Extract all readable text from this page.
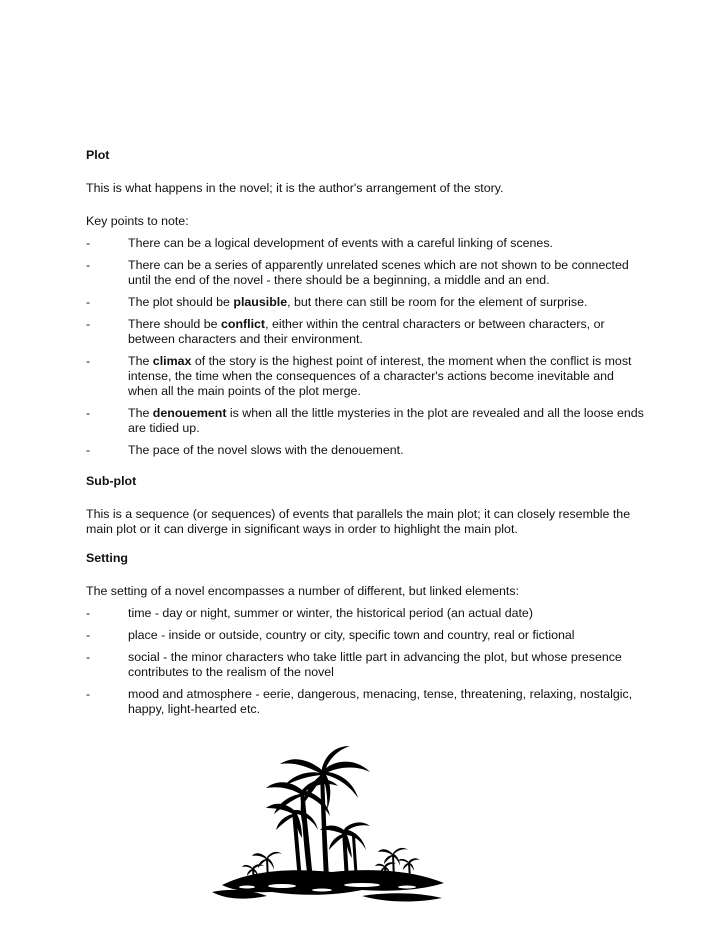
Plot

This is what happens in the novel; it is the author's arrangement of the story.

Key points to note:

-	There can be a logical development of events with a careful linking of scenes.
-	There can be a series of apparently unrelated scenes which are not shown to be connected until the end of the novel - there should be a beginning, a middle and an end.
-	The plot should be plausible, but there can still be room for the element of surprise.
-	There should be conflict, either within the central characters or between characters, or between characters and their environment.
-	The climax of the story is the highest point of interest, the moment when the conflict is most intense, the time when the consequences of a character's actions become inevitable and when all the main points of the plot merge.
-	The denouement is when all the little mysteries in the plot are revealed and all the loose ends are tidied up.
-	The pace of the novel slows with the denouement.
Sub-plot

This is a sequence (or sequences) of events that parallels the main plot; it can closely resemble the main plot or it can diverge in significant ways in order to highlight the main plot.

Setting

The setting of a novel encompasses a number of different, but linked elements:

-	time - day or night, summer or winter, the historical period (an actual date)
-	place - inside or outside, country or city, specific town and country, real or fictional
-	social - the minor characters who take little part in advancing the plot, but whose presence contributes to the realism of the novel
-	mood and atmosphere - eerie, dangerous, menacing, tense, threatening, relaxing, nostalgic, happy, light-hearted etc.
